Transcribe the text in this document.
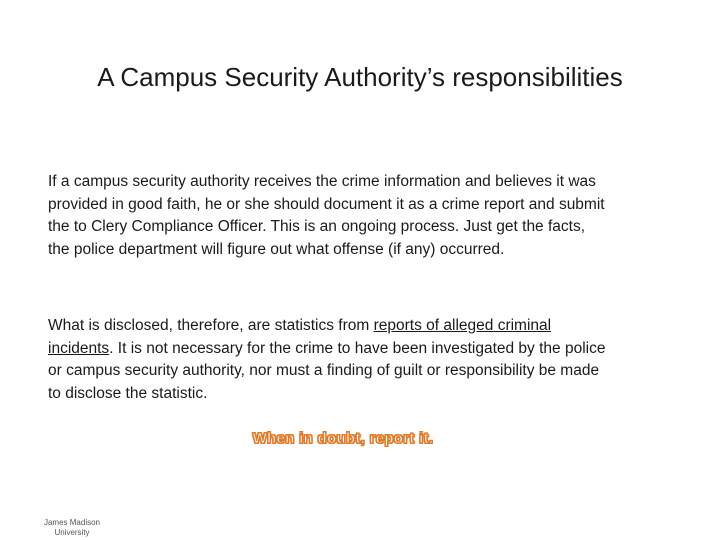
A Campus Security Authority’s responsibilities

If a campus security authority receives the crime information and believes it was provided in good faith, he or she should document it as a crime report and submit the to Clery Compliance Officer. This is an ongoing process. Just get the facts, the police department will figure out what offense (if any) occurred.

What is disclosed, therefore, are statistics from reports of alleged criminal incidents. It is not necessary for the crime to have been investigated by the police or campus security authority, nor must a finding of guilt or responsibility be made to disclose the statistic.

When in doubt, report it.

James Madison
University
